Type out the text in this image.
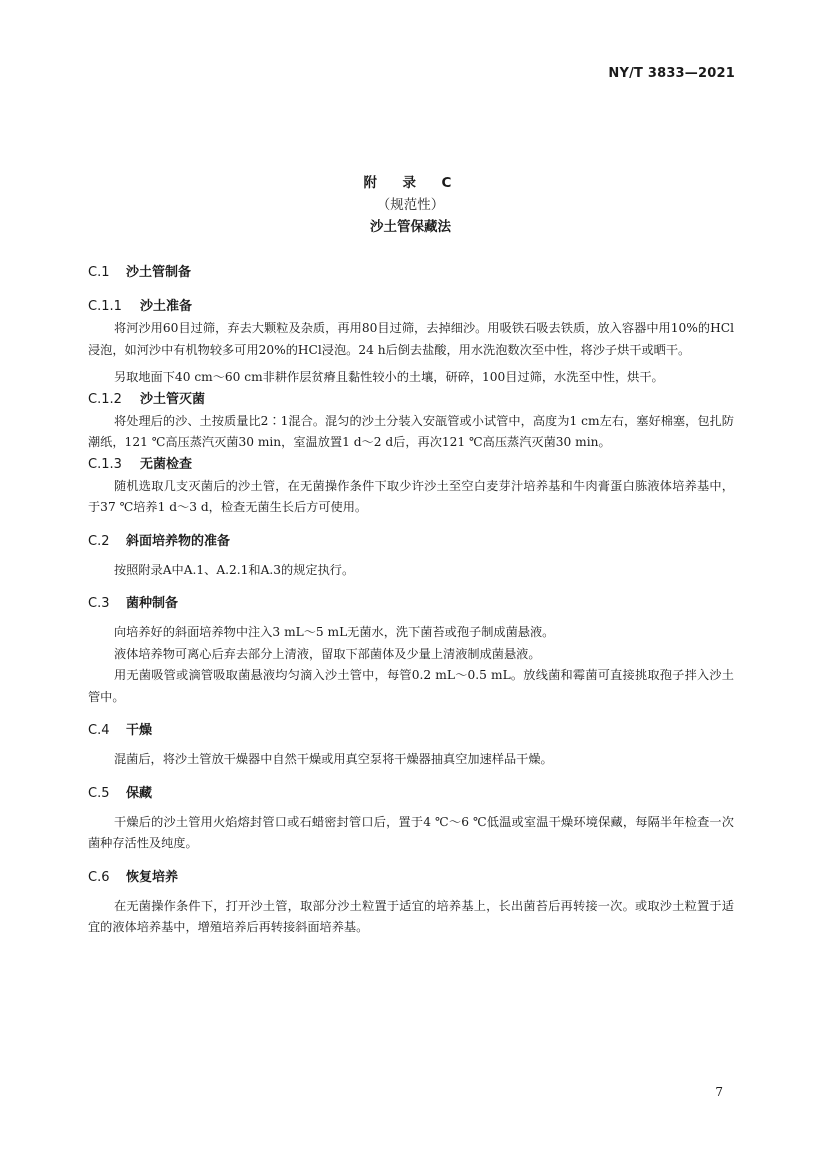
NY/T 3833—2021
附　录　C
（规范性）
沙土管保藏法
C.1	沙土管制备
C.1.1	沙土准备

将河沙用60目过筛，弃去大颗粒及杂质，再用80目过筛，去掉细沙。用吸铁石吸去铁质，放入容器中用10%的HCl浸泡，如河沙中有机物较多可用20%的HCl浸泡。24 h后倒去盐酸，用水洗泡数次至中性，将沙子烘干或晒干。

另取地面下40 cm～60 cm非耕作层贫瘠且黏性较小的土壤，研碎，100目过筛，水洗至中性，烘干。

C.1.2	沙土管灭菌

将处理后的沙、土按质量比2∶1混合。混匀的沙土分装入安瓿管或小试管中，高度为1 cm左右，塞好棉塞，包扎防潮纸，121 ℃高压蒸汽灭菌30 min，室温放置1 d～2 d后，再次121 ℃高压蒸汽灭菌30 min。

C.1.3	无菌检查

随机选取几支灭菌后的沙土管，在无菌操作条件下取少许沙土至空白麦芽汁培养基和牛肉膏蛋白胨液体培养基中，于37 ℃培养1 d～3 d，检查无菌生长后方可使用。

C.2	斜面培养物的准备

按照附录A中A.1、A.2.1和A.3的规定执行。

C.3	菌种制备

向培养好的斜面培养物中注入3 mL～5 mL无菌水，洗下菌苔或孢子制成菌悬液。

液体培养物可离心后弃去部分上清液，留取下部菌体及少量上清液制成菌悬液。

用无菌吸管或滴管吸取菌悬液均匀滴入沙土管中，每管0.2 mL～0.5 mL。放线菌和霉菌可直接挑取孢子拌入沙土管中。

C.4	干燥

混菌后，将沙土管放干燥器中自然干燥或用真空泵将干燥器抽真空加速样品干燥。

C.5	保藏

干燥后的沙土管用火焰熔封管口或石蜡密封管口后，置于4 ℃～6 ℃低温或室温干燥环境保藏，每隔半年检查一次菌种存活性及纯度。

C.6	恢复培养

在无菌操作条件下，打开沙土管，取部分沙土粒置于适宜的培养基上，长出菌苔后再转接一次。或取沙土粒置于适宜的液体培养基中，增殖培养后再转接斜面培养基。

7
